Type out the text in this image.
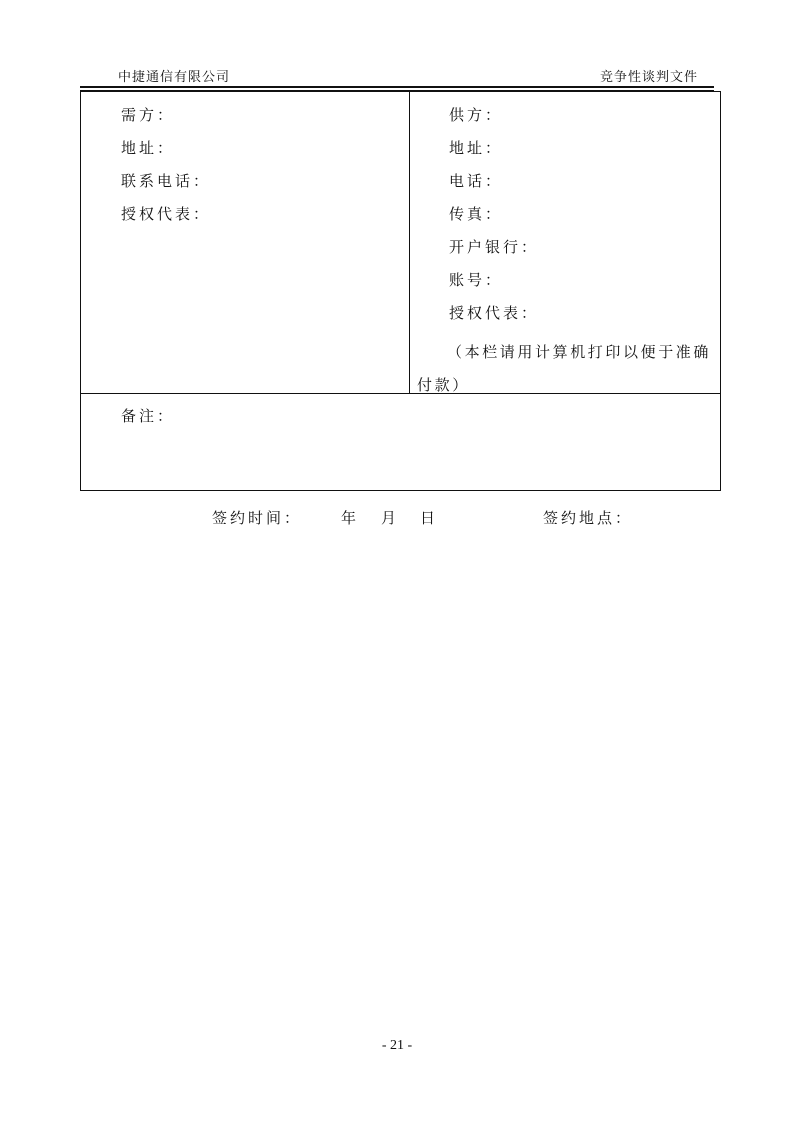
中捷通信有限公司	竞争性谈判文件
需方：
地址：
联系电话：
授权代表：
供方：
地址：
电话：
传真：
开户银行：
账号：
授权代表：
（本栏请用计算机打印以便于准确付款）
备注：
签约时间：	年 月 日	签约地点：
- 21 -
